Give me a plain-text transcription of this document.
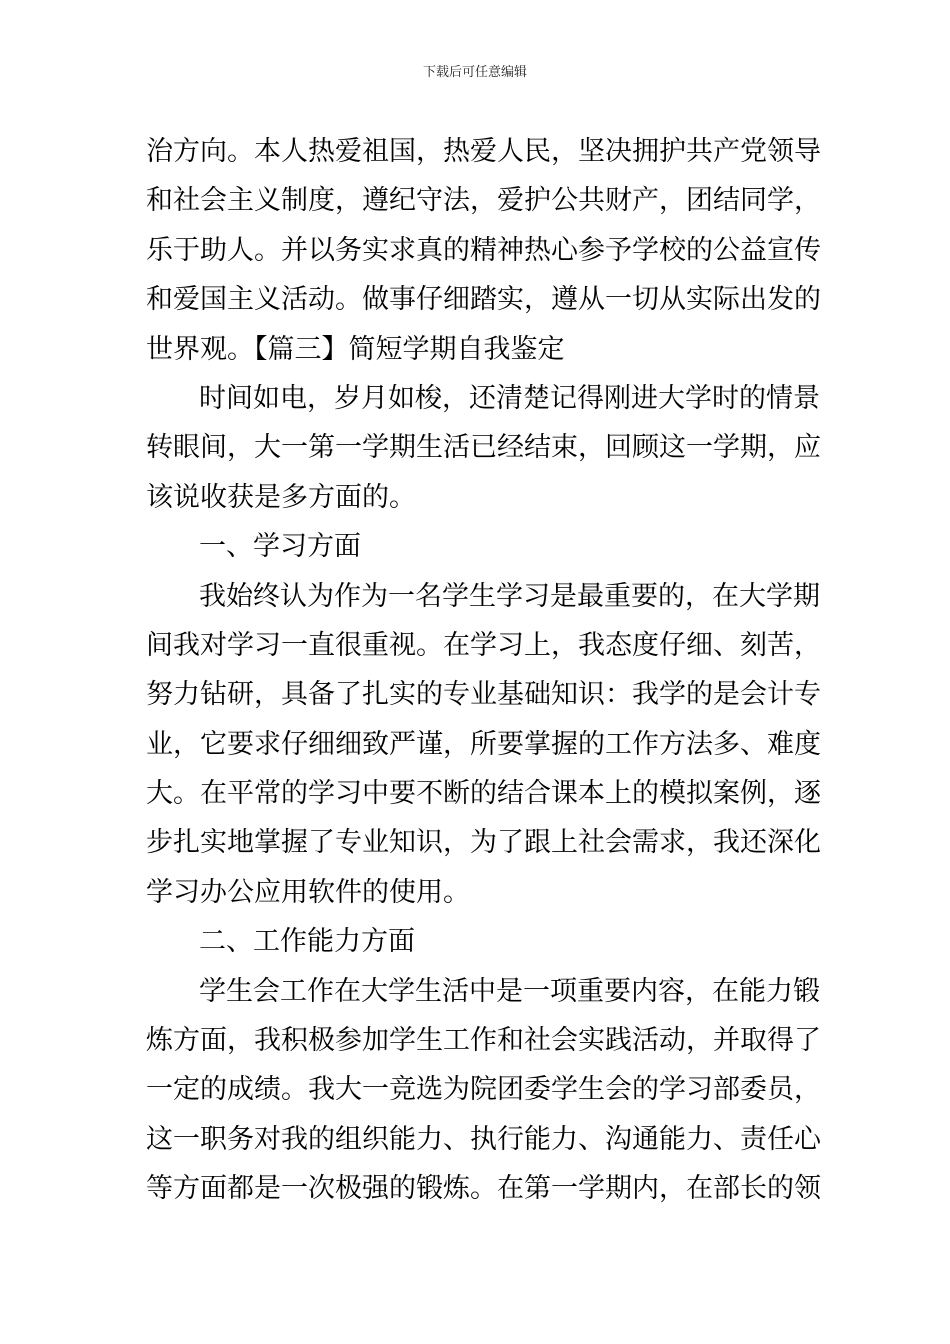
下载后可任意编辑
治方向。本人热爱祖国，热爱人民，坚决拥护共产党领导
和社会主义制度，遵纪守法，爱护公共财产，团结同学，
乐于助人。并以务实求真的精神热心参予学校的公益宣传
和爱国主义活动。做事仔细踏实，遵从一切从实际出发的
世界观。【篇三】简短学期自我鉴定
时间如电，岁月如梭，还清楚记得刚进大学时的情景
转眼间，大一第一学期生活已经结束，回顾这一学期，应
该说收获是多方面的。
一、学习方面
我始终认为作为一名学生学习是最重要的，在大学期
间我对学习一直很重视。在学习上，我态度仔细、刻苦，
努力钻研，具备了扎实的专业基础知识：我学的是会计专
业，它要求仔细细致严谨，所要掌握的工作方法多、难度
大。在平常的学习中要不断的结合课本上的模拟案例，逐
步扎实地掌握了专业知识，为了跟上社会需求，我还深化
学习办公应用软件的使用。
二、工作能力方面
学生会工作在大学生活中是一项重要内容，在能力锻
炼方面，我积极参加学生工作和社会实践活动，并取得了
一定的成绩。我大一竞选为院团委学生会的学习部委员，
这一职务对我的组织能力、执行能力、沟通能力、责任心
等方面都是一次极强的锻炼。在第一学期内，在部长的领
